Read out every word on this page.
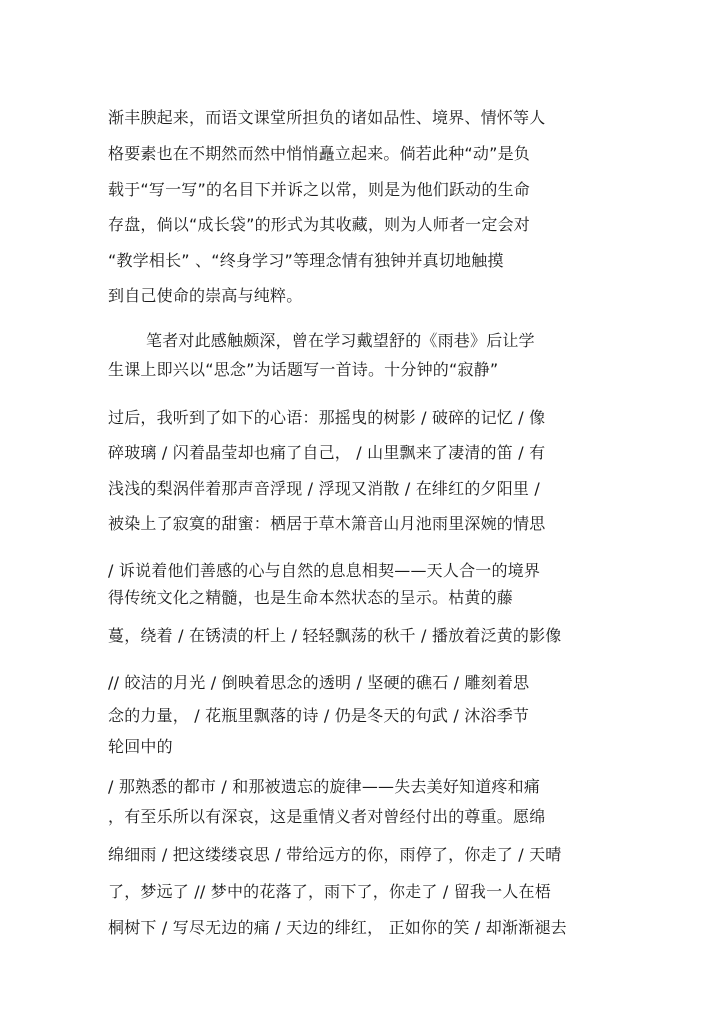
渐丰腴起来，而语文课堂所担负的诸如品性、境界、情怀等人
格要素也在不期然而然中悄悄矗立起来。倘若此种“动”是负
载于“写一写”的名目下并诉之以常，则是为他们跃动的生命
存盘，倘以“成长袋”的形式为其收藏，则为人师者一定会对
“教学相长” 、“终身学习”等理念情有独钟并真切地触摸
到自己使命的崇高与纯粹。
笔者对此感触颇深，曾在学习戴望舒的《雨巷》后让学
生课上即兴以“思念”为话题写一首诗。十分钟的“寂静”
过后，我听到了如下的心语：那摇曳的树影 / 破碎的记忆 / 像
碎玻璃 / 闪着晶莹却也痛了自己， / 山里飘来了凄清的笛 / 有
浅浅的梨涡伴着那声音浮现 / 浮现又消散 / 在绯红的夕阳里 /
被染上了寂寞的甜蜜：栖居于草木箫音山月池雨里深婉的情思
/ 诉说着他们善感的心与自然的息息相契——天人合一的境界
得传统文化之精髓，也是生命本然状态的呈示。枯黄的藤
蔓，绕着 / 在锈渍的杆上 / 轻轻飘荡的秋千 / 播放着泛黄的影像
// 皎洁的月光 / 倒映着思念的透明 / 坚硬的礁石 / 雕刻着思
念的力量， / 花瓶里飘落的诗 / 仍是冬天的句武 / 沐浴季节
轮回中的
/ 那熟悉的都市 / 和那被遗忘的旋律——失去美好知道疼和痛
，有至乐所以有深哀，这是重情义者对曾经付出的尊重。愿绵
绵细雨 / 把这缕缕哀思 / 带给远方的你，雨停了，你走了 / 天晴
了，梦远了 // 梦中的花落了，雨下了，你走了 / 留我一人在梧
桐树下 / 写尽无边的痛 / 天边的绯红， 正如你的笑 / 却渐渐褪去
